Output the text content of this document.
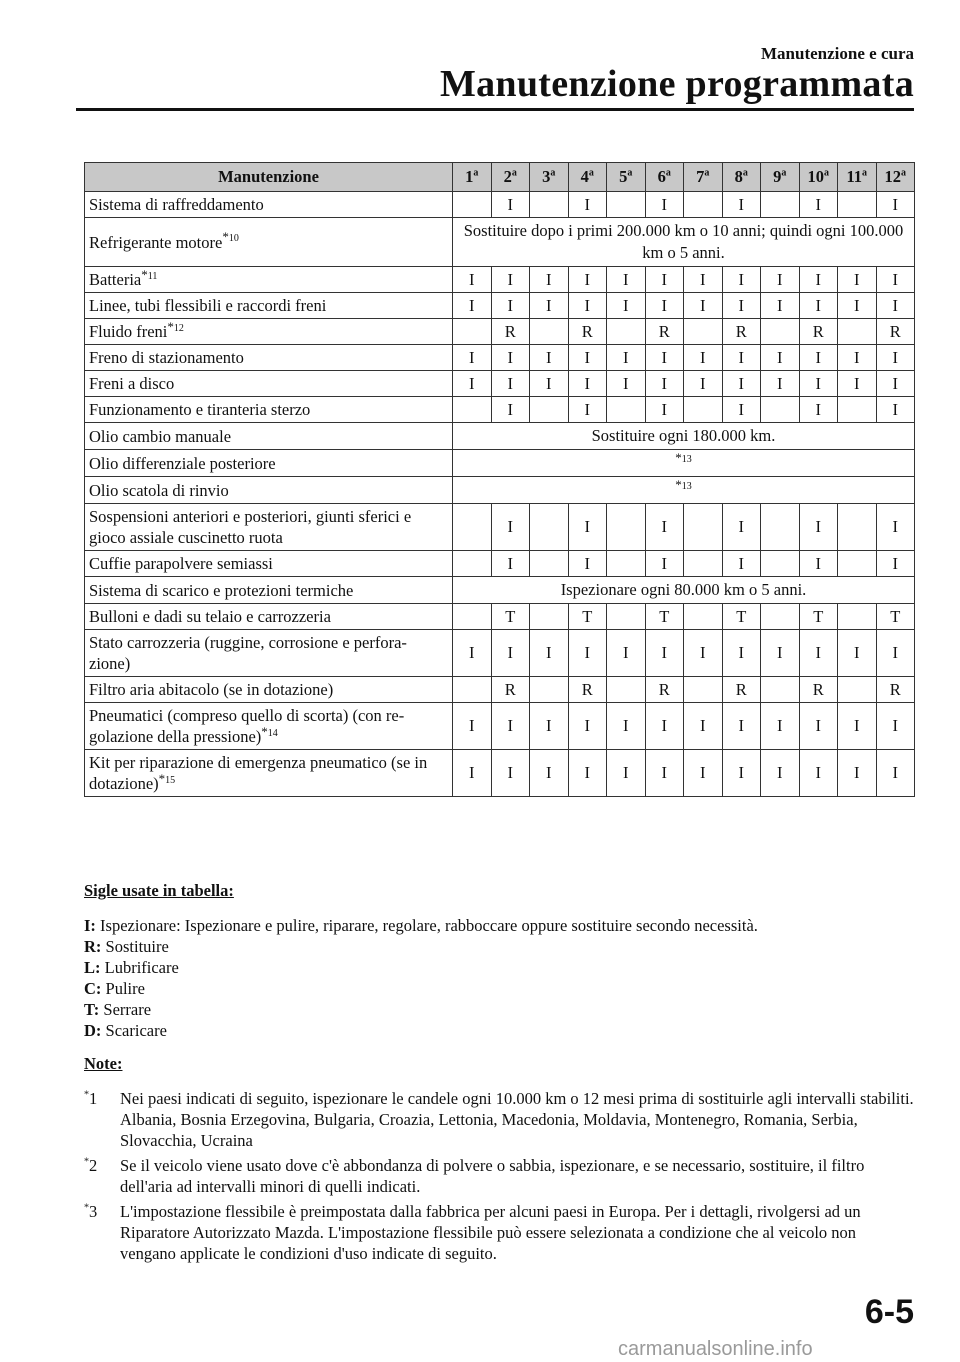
Manutenzione e cura
Manutenzione programmata
Manutenzione	1$^a$	2$^a$	3$^a$	4$^a$	5$^a$	6$^a$	7$^a$	8$^a$	9$^a$	10$^a$	11$^a$	12$^a$
Sistema di raffreddamento		I		I		I		I		I		I
Refrigerante motore$^{*10}$	Sostituire dopo i primi 200.000 km o 10 anni; quindi ogni 100.000 km o 5 anni.											
Batteria$^{*11}$	I	I	I	I	I	I	I	I	I	I	I	I
Linee, tubi flessibili e raccordi freni	I	I	I	I	I	I	I	I	I	I	I	I
Fluido freni$^{*12}$		R		R		R		R		R		R
Freno di stazionamento	I	I	I	I	I	I	I	I	I	I	I	I
Freni a disco	I	I	I	I	I	I	I	I	I	I	I	I
Funzionamento e tiranteria sterzo		I		I		I		I		I		I
Olio cambio manuale	Sostituire ogni 180.000 km.											
Olio differenziale posteriore	$^{*13}$
Olio scatola di rinvio	$^{*13}$
Sospensioni anteriori e posteriori, giunti sferici e gioco assiale cuscinetto ruota		I		I		I		I		I		I
Cuffie parapolvere semiassi		I		I		I		I		I		I
Sistema di scarico e protezioni termiche	Ispezionare ogni 80.000 km o 5 anni.											
Bulloni e dadi su telaio e carrozzeria		T		T		T		T		T		T
Stato carrozzeria (ruggine, corrosione e perfora-zione)	I	I	I	I	I	I	I	I	I	I	I	I
Filtro aria abitacolo (se in dotazione)		R		R		R		R		R		R
Pneumatici (compreso quello di scorta) (con re-golazione della pressione)$^{*14}$	I	I	I	I	I	I	I	I	I	I	I	I
Kit per riparazione di emergenza pneumatico (se in dotazione)$^{*15}$	I	I	I	I	I	I	I	I	I	I	I	I
Sigle usate in tabella:
I: Ispezionare: Ispezionare e pulire, riparare, regolare, rabboccare oppure sostituire secondo necessità.
R: Sostituire
L: Lubrificare
C: Pulire
T: Serrare
D: Scaricare
Note:
*1	Nei paesi indicati di seguito, ispezionare le candele ogni 10.000 km o 12 mesi prima di sostituirle agli intervalli stabiliti.
Albania, Bosnia Erzegovina, Bulgaria, Croazia, Lettonia, Macedonia, Moldavia, Montenegro, Romania, Serbia, Slovacchia, Ucraina
*2	Se il veicolo viene usato dove c'è abbondanza di polvere o sabbia, ispezionare, e se necessario, sostituire, il filtro dell'aria ad intervalli minori di quelli indicati.
*3	L'impostazione flessibile è preimpostata dalla fabbrica per alcuni paesi in Europa. Per i dettagli, rivolgersi ad un Riparatore Autorizzato Mazda. L'impostazione flessibile può essere selezionata a condizione che al veicolo non vengano applicate le condizioni d'uso indicate di seguito.
6-5
carmanualsonline.info
